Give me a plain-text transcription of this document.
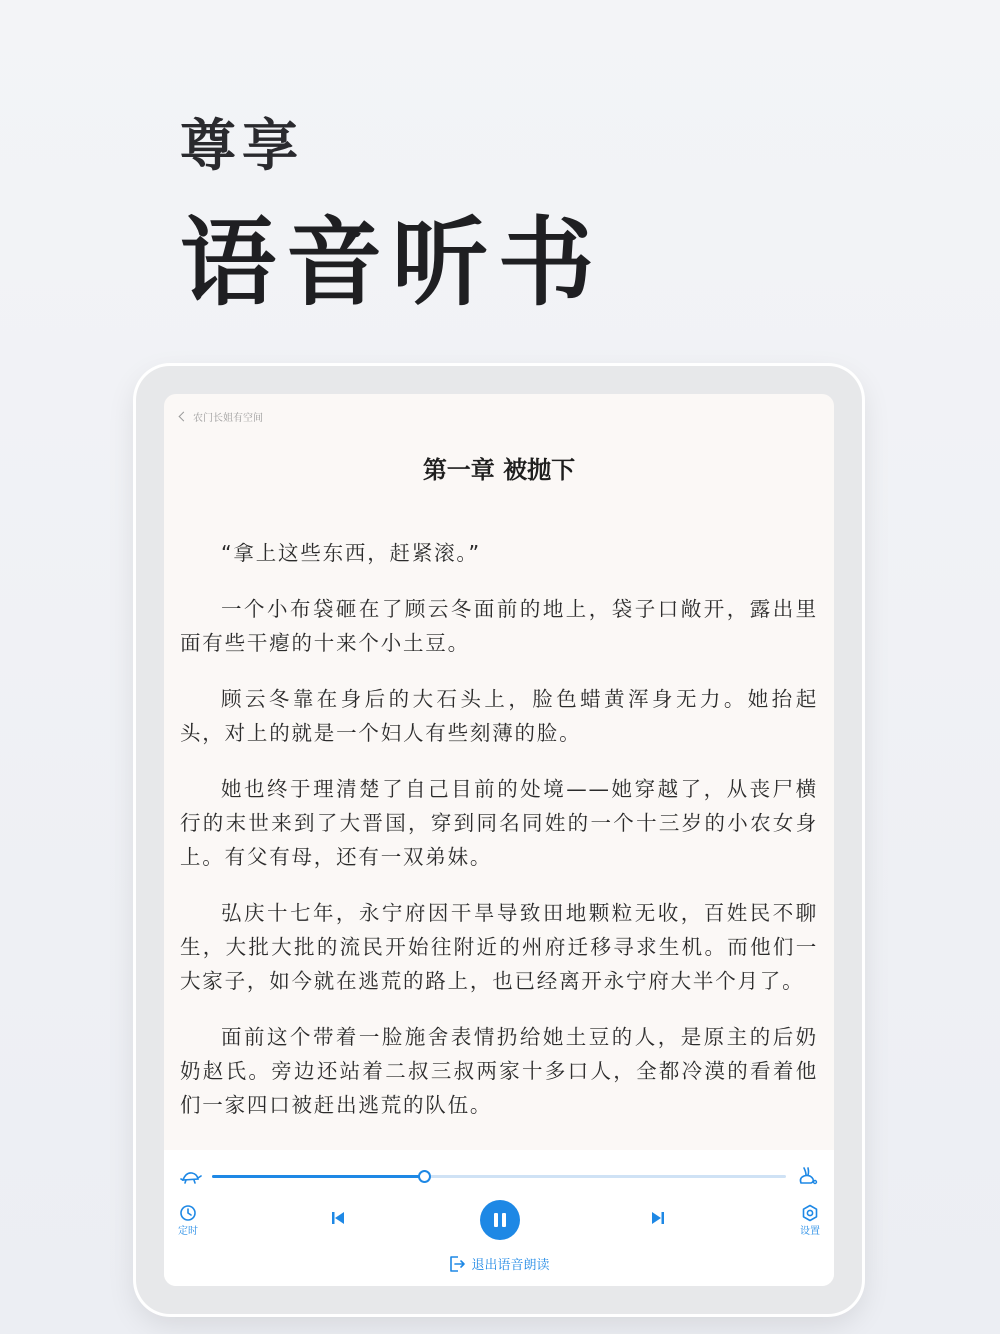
尊享
语音听书
农门长姐有空间
第一章 被抛下

“拿上这些东西，赶紧滚。”

一个小布袋砸在了顾云冬面前的地上，袋子口敞开，露出里面有些干瘪的十来个小土豆。

顾云冬靠在身后的大石头上，脸色蜡黄浑身无力。她抬起头，对上的就是一个妇人有些刻薄的脸。

她也终于理清楚了自己目前的处境——她穿越了，从丧尸横行的末世来到了大晋国，穿到同名同姓的一个十三岁的小农女身上。有父有母，还有一双弟妹。

弘庆十七年，永宁府因干旱导致田地颗粒无收，百姓民不聊生，大批大批的流民开始往附近的州府迁移寻求生机。而他们一大家子，如今就在逃荒的路上，也已经离开永宁府大半个月了。

面前这个带着一脸施舍表情扔给她土豆的人，是原主的后奶奶赵氏。旁边还站着二叔三叔两家十多口人，全都冷漠的看着他们一家四口被赶出逃荒的队伍。

定时	设置
退出语音朗读
